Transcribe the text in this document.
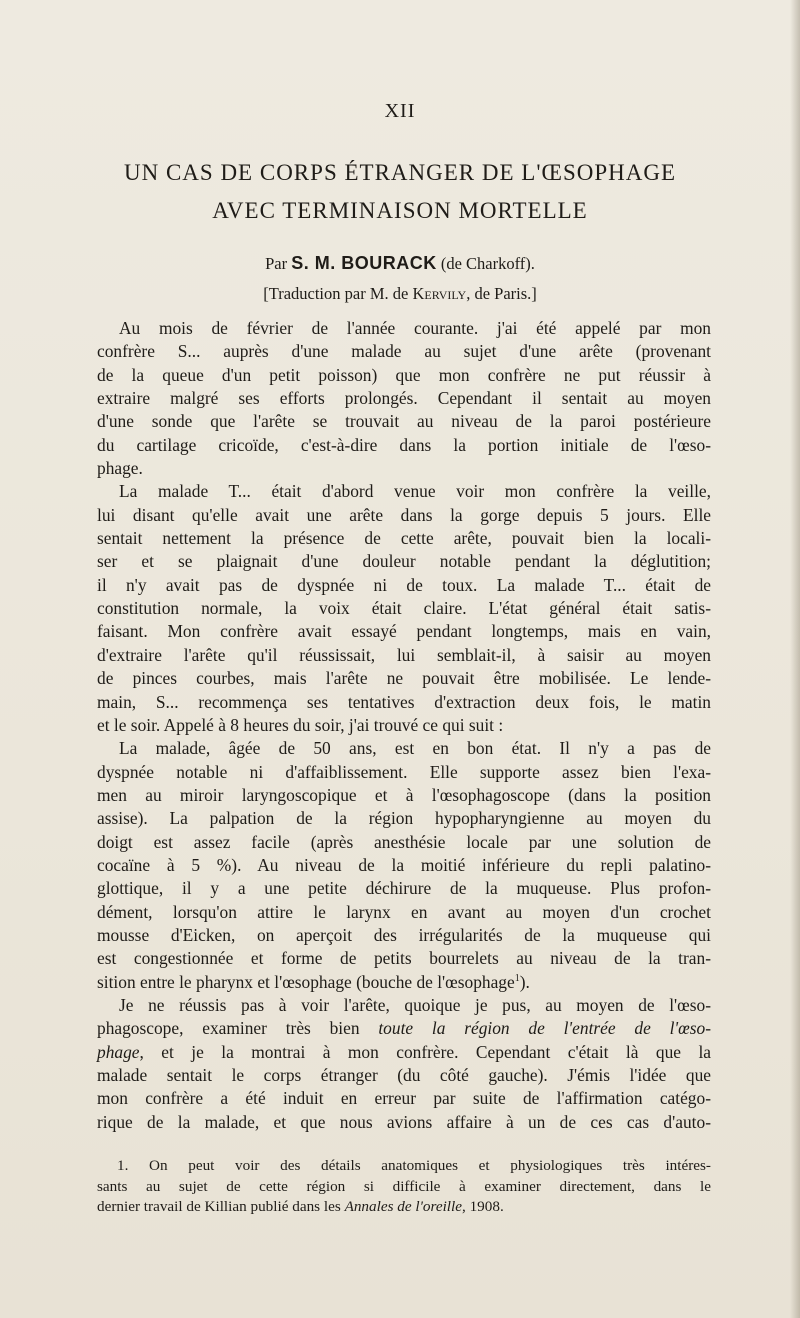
XII
UN CAS DE CORPS ÉTRANGER DE L'ŒSOPHAGE
AVEC TERMINAISON MORTELLE
Par S. M. BOURACK (de Charkoff).
[Traduction par M. de Kervily, de Paris.]
Au mois de février de l'année courante. j'ai été appelé par mon
confrère S... auprès d'une malade au sujet d'une arête (provenant
de la queue d'un petit poisson) que mon confrère ne put réussir à
extraire malgré ses efforts prolongés. Cependant il sentait au moyen
d'une sonde que l'arête se trouvait au niveau de la paroi postérieure
du cartilage cricoïde, c'est-à-dire dans la portion initiale de l'œso-
phage.
La malade T... était d'abord venue voir mon confrère la veille,
lui disant qu'elle avait une arête dans la gorge depuis 5 jours. Elle
sentait nettement la présence de cette arête, pouvait bien la locali-
ser et se plaignait d'une douleur notable pendant la déglutition;
il n'y avait pas de dyspnée ni de toux. La malade T... était de
constitution normale, la voix était claire. L'état général était satis-
faisant. Mon confrère avait essayé pendant longtemps, mais en vain,
d'extraire l'arête qu'il réussissait, lui semblait-il, à saisir au moyen
de pinces courbes, mais l'arête ne pouvait être mobilisée. Le lende-
main, S... recommença ses tentatives d'extraction deux fois, le matin
et le soir. Appelé à 8 heures du soir, j'ai trouvé ce qui suit :
La malade, âgée de 50 ans, est en bon état. Il n'y a pas de
dyspnée notable ni d'affaiblissement. Elle supporte assez bien l'exa-
men au miroir laryngoscopique et à l'œsophagoscope (dans la position
assise). La palpation de la région hypopharyngienne au moyen du
doigt est assez facile (après anesthésie locale par une solution de
cocaïne à 5 %). Au niveau de la moitié inférieure du repli palatino-
glottique, il y a une petite déchirure de la muqueuse. Plus profon-
dément, lorsqu'on attire le larynx en avant au moyen d'un crochet
mousse d'Eicken, on aperçoit des irrégularités de la muqueuse qui
est congestionnée et forme de petits bourrelets au niveau de la tran-
sition entre le pharynx et l'œsophage (bouche de l'œsophage$^1$).
Je ne réussis pas à voir l'arête, quoique je pus, au moyen de l'œso-
phagoscope, examiner très bien toute la région de l'entrée de l'œso-
phage, et je la montrai à mon confrère. Cependant c'était là que la
malade sentait le corps étranger (du côté gauche). J'émis l'idée que
mon confrère a été induit en erreur par suite de l'affirmation catégo-
rique de la malade, et que nous avions affaire à un de ces cas d'auto-
1. On peut voir des détails anatomiques et physiologiques très intéres-
sants au sujet de cette région si difficile à examiner directement, dans le
dernier travail de Killian publié dans les Annales de l'oreille, 1908.
